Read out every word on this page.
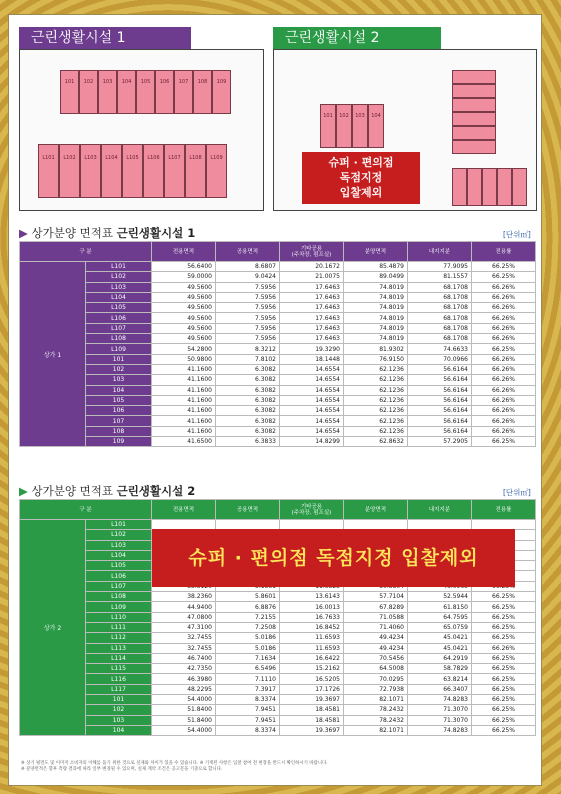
근린생활시설 1
101	102	103	104	105	106	107	108	109
L101	L102	L103	L104	L105	L106	L107	L108	L109
근린생활시설 2
101	102	103	104
슈퍼 · 편의점
독점지정
입찰제외
▶ 상가분양 면적표 근린생활시설 1	[단위㎡]
구 분		전용면적	공용면적	기타공용
(주차장, 펌프실)	분양면적	내지지분	전용률
상가 1	L101	56.6400	8.6807	20.1672	85.4879	77.9095	66.25%
	L102	59.0000	9.0424	21.0075	89.0499	81.1557	66.25%
	L103	49.5600	7.5956	17.6463	74.8019	68.1708	66.26%
	L104	49.5600	7.5956	17.6463	74.8019	68.1708	66.26%
	L105	49.5600	7.5956	17.6463	74.8019	68.1708	66.26%
	L106	49.5600	7.5956	17.6463	74.8019	68.1708	66.26%
	L107	49.5600	7.5956	17.6463	74.8019	68.1708	66.26%
	L108	49.5600	7.5956	17.6463	74.8019	68.1708	66.26%
	L109	54.2800	8.3212	19.3290	81.9302	74.6633	66.25%
	101	50.9800	7.8102	18.1448	76.9150	70.0966	66.26%
	102	41.1600	6.3082	14.6554	62.1236	56.6164	66.26%
	103	41.1600	6.3082	14.6554	62.1236	56.6164	66.26%
	104	41.1600	6.3082	14.6554	62.1236	56.6164	66.26%
	105	41.1600	6.3082	14.6554	62.1236	56.6164	66.26%
	106	41.1600	6.3082	14.6554	62.1236	56.6164	66.26%
	107	41.1600	6.3082	14.6554	62.1236	56.6164	66.26%
	108	41.1600	6.3082	14.6554	62.1236	56.6164	66.26%
	109	41.6500	6.3833	14.8299	62.8632	57.2905	66.25%
▶ 상가분양 면적표 근린생활시설 2	[단위㎡]
구 분		전용면적	공용면적	기타공용
(주차장, 펌프실)	분양면적	내지지분	전용률
상가 2	L101						
	L102						
	L103						
	L104						
	L105						
	L106						
	L107						
	L108	38.2360	5.8601	13.6143	57.7104	52.5944	66.25%
	L109	44.9400	6.8876	16.0013	67.8289	61.8150	66.25%
	L110	47.0800	7.2155	16.7633	71.0588	64.7595	66.25%
	L111	47.3100	7.2508	16.8452	71.4060	65.0759	66.25%
	L112	32.7455	5.0186	11.6593	49.4234	45.0421	66.25%
	L113	32.7455	5.0186	11.6593	49.4234	45.0421	66.26%
	L114	46.7400	7.1634	16.6422	70.5456	64.2919	66.25%
	L115	42.7350	6.5496	15.2162	64.5008	58.7829	66.25%
	L116	46.3980	7.1110	16.5205	70.0295	63.8214	66.25%
	L117	48.2295	7.3917	17.1726	72.7938	66.3407	66.25%
	101	54.4000	8.3374	19.3697	82.1071	74.8283	66.25%
	102	51.8400	7.9451	18.4581	78.2432	71.3070	66.25%
	103	51.8400	7.9451	18.4581	78.2432	71.3070	66.25%
	104	54.4000	8.3374	19.3697	82.1071	74.8283	66.25%
슈퍼 · 편의점 독점지정 입찰제외
※ 상기 평면도 및 이미지 소비자의 이해를 돕기 위한 것으로 실제와 차이가 있을 수 있습니다. ※ 기재된 사항은 입찰 참여 전 현장을 반드시 확인하시기 바랍니다.
※ 분양면적은 향후 측량 결과에 따라 일부 변경될 수 있으며, 실제 계약 조건은 공고문을 기준으로 합니다.
